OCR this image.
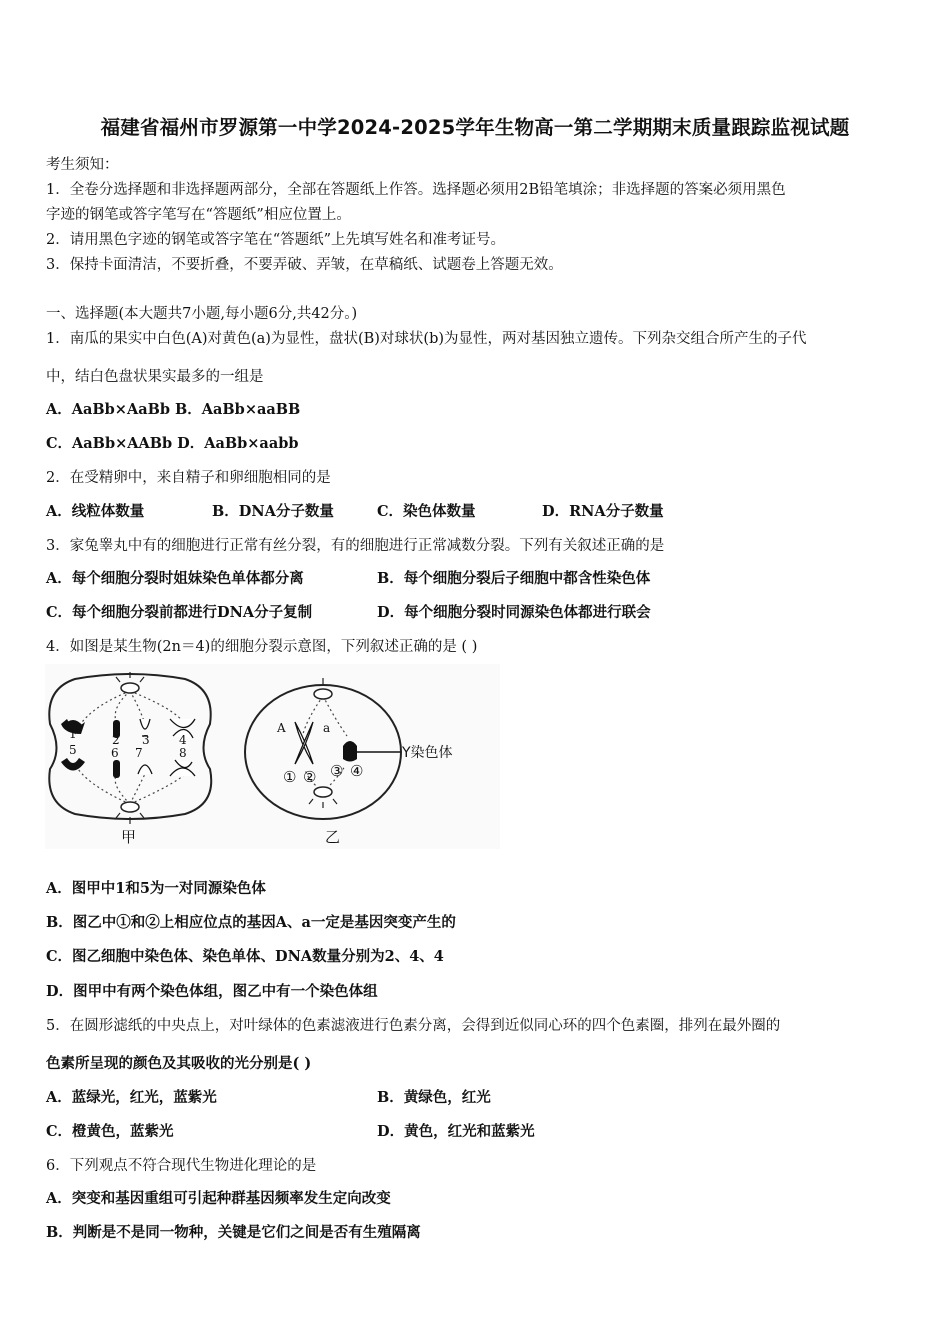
福建省福州市罗源第一中学2024-2025学年生物高一第二学期期末质量跟踪监视试题
考生须知：
1．全卷分选择题和非选择题两部分，全部在答题纸上作答。选择题必须用2B铅笔填涂；非选择题的答案必须用黑色
字迹的钢笔或答字笔写在“答题纸”相应位置上。
2．请用黑色字迹的钢笔或答字笔在“答题纸”上先填写姓名和准考证号。
3．保持卡面清洁，不要折叠，不要弄破、弄皱，在草稿纸、试题卷上答题无效。
一、选择题(本大题共7小题,每小题6分,共42分。)
1．南瓜的果实中白色(A)对黄色(a)为显性，盘状(B)对球状(b)为显性，两对基因独立遗传。下列杂交组合所产生的子代
中，结白色盘状果实最多的一组是
A．AaBb×AaBb B．AaBb×aaBB
C．AaBb×AABb D．AaBb×aabb
2．在受精卵中，来自精子和卵细胞相同的是
A．线粒体数量	B．DNA分子数量	C．染色体数量	D．RNA分子数量
3．家兔睾丸中有的细胞进行正常有丝分裂，有的细胞进行正常减数分裂。下列有关叙述正确的是
A．每个细胞分裂时姐妹染色单体都分离	B．每个细胞分裂后子细胞中都含性染色体
C．每个细胞分裂前都进行DNA分子复制	D．每个细胞分裂时同源染色体都进行联会
4．如图是某生物(2n＝4)的细胞分裂示意图，下列叙述正确的是 ( )
1
5
2
6
3
7
4
8
甲
A	a
① ② ③ ④
Y染色体
乙
A．图甲中1和5为一对同源染色体
B．图乙中①和②上相应位点的基因A、a一定是基因突变产生的
C．图乙细胞中染色体、染色单体、DNA数量分别为2、4、4
D．图甲中有两个染色体组，图乙中有一个染色体组
5．在圆形滤纸的中央点上，对叶绿体的色素滤液进行色素分离，会得到近似同心环的四个色素圈，排列在最外圈的
色素所呈现的颜色及其吸收的光分别是( )
A．蓝绿光，红光，蓝紫光	B．黄绿色，红光
C．橙黄色，蓝紫光	D．黄色，红光和蓝紫光
6．下列观点不符合现代生物进化理论的是
A．突变和基因重组可引起种群基因频率发生定向改变
B．判断是不是同一物种，关键是它们之间是否有生殖隔离
